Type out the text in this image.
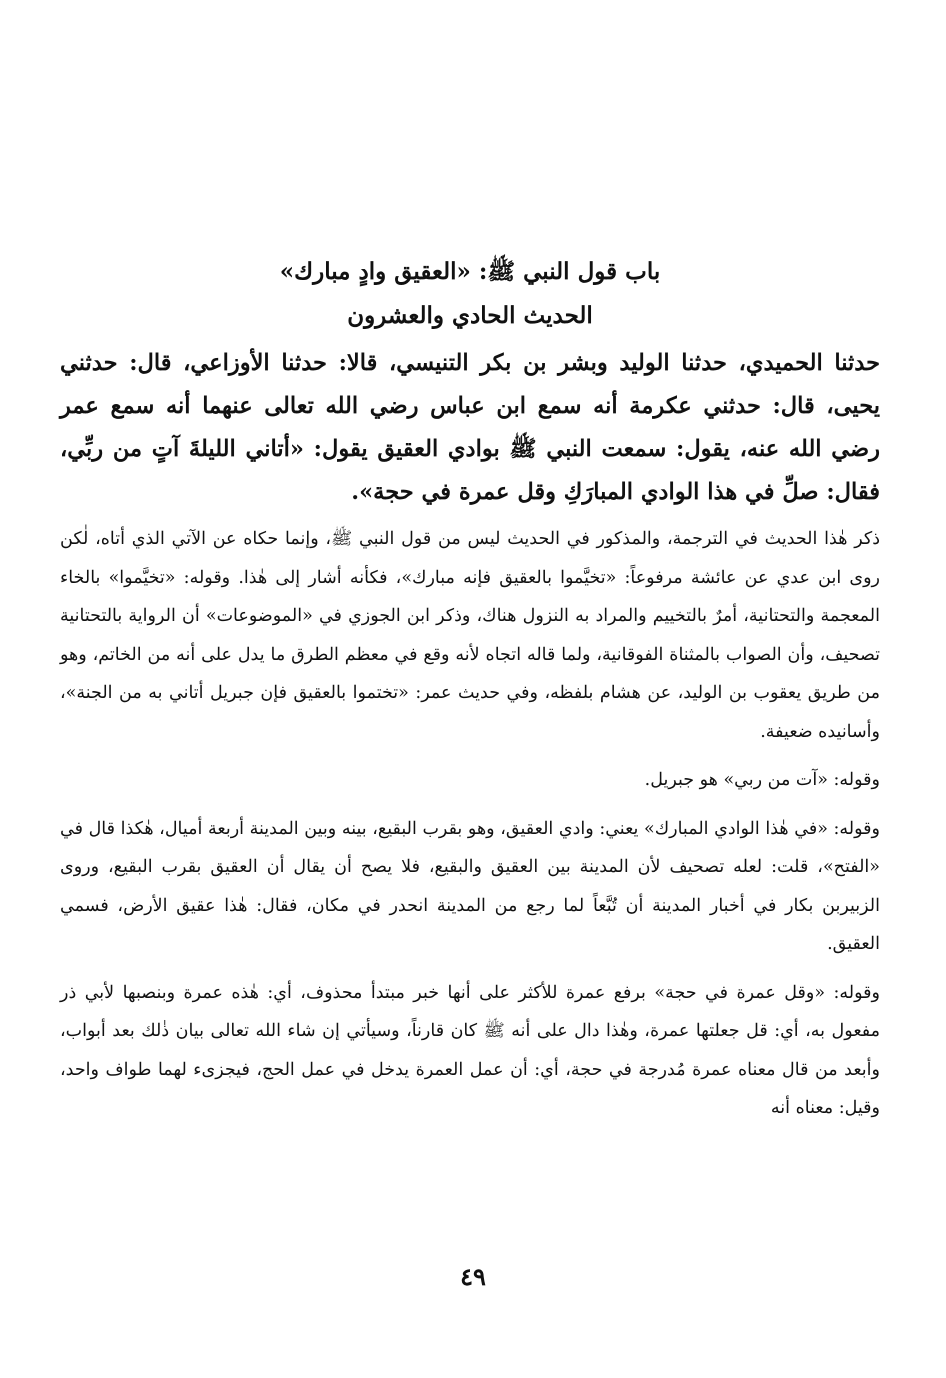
باب قول النبي ﷺ: «العقيق وادٍ مبارك»
الحديث الحادي والعشرون

حدثنا الحميدي، حدثنا الوليد وبشر بن بكر التنيسي، قالا: حدثنا الأوزاعي، قال: حدثني يحيى، قال: حدثني عكرمة أنه سمع ابن عباس رضي الله تعالى عنهما أنه سمع عمر رضي الله عنه، يقول: سمعت النبي ﷺ بوادي العقيق يقول: «أتاني الليلةَ آتٍ من ربِّي، فقال: صلِّ في هذا الوادي المبارَكِ وقل عمرة في حجة».

ذكر هٰذا الحديث في الترجمة، والمذكور في الحديث ليس من قول النبي ﷺ، وإنما حكاه عن الآتي الذي أتاه، لٰكن روى ابن عدي عن عائشة مرفوعاً: «تخيَّموا بالعقيق فإنه مبارك»، فكأنه أشار إلى هٰذا. وقوله: «تخيَّموا» بالخاء المعجمة والتحتانية، أمرٌ بالتخييم والمراد به النزول هناك، وذكر ابن الجوزي في «الموضوعات» أن الرواية بالتحتانية تصحيف، وأن الصواب بالمثناة الفوقانية، ولما قاله اتجاه لأنه وقع في معظم الطرق ما يدل على أنه من الخاتم، وهو من طريق يعقوب بن الوليد، عن هشام بلفظه، وفي حديث عمر: «تختموا بالعقيق فإن جبريل أتاني به من الجنة»، وأسانيده ضعيفة.

وقوله: «آت من ربي» هو جبريل.

وقوله: «في هٰذا الوادي المبارك» يعني: وادي العقيق، وهو بقرب البقيع، بينه وبين المدينة أربعة أميال، هٰكذا قال في «الفتح»، قلت: لعله تصحيف لأن المدينة بين العقيق والبقيع، فلا يصح أن يقال أن العقيق بقرب البقيع، وروى الزبيربن بكار في أخبار المدينة أن تُبَّعاً لما رجع من المدينة انحدر في مكان، فقال: هٰذا عقيق الأرض، فسمي العقيق.

وقوله: «وقل عمرة في حجة» برفع عمرة للأكثر على أنها خبر مبتدأ محذوف، أي: هٰذه عمرة وبنصبها لأبي ذر مفعول به، أي: قل جعلتها عمرة، وهٰذا دال على أنه ﷺ كان قارناً، وسيأتي إن شاء الله تعالى بيان ذٰلك بعد أبواب، وأبعد من قال معناه عمرة مُدرجة في حجة، أي: أن عمل العمرة يدخل في عمل الحج، فيجزىء لهما طواف واحد، وقيل: معناه أنه

٤٩
